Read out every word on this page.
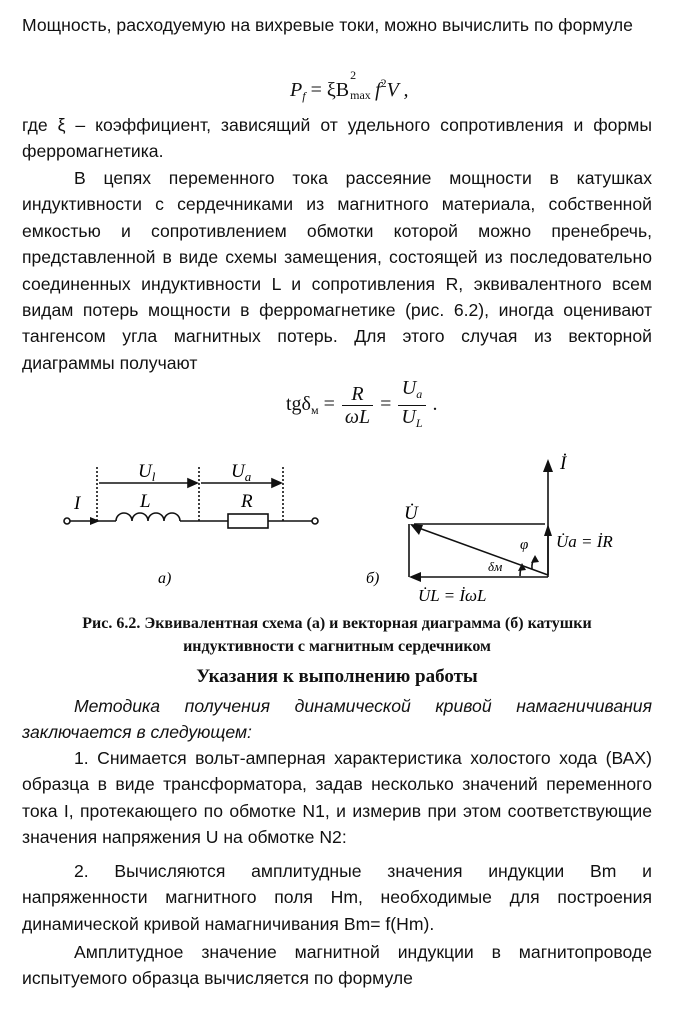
Мощность, расходуемую на вихревые токи, можно вычислить по формуле

$P_f = \xi B$
2
$\max f^2V$ ,

где ξ – коэффициент, зависящий от удельного сопротивления и формы ферромагнетика.

В цепях переменного тока рассеяние мощности в катушках индуктивности с сердечниками из магнитного материала, собственной емкостью и сопротивлением обмотки которой можно пренебречь, представленной в виде схемы замещения, состоящей из последовательно соединенных индуктивности L и сопротивления R, эквивалентного всем видам потерь мощности в ферромагнетике (рис. 6.2), иногда оценивают тангенсом угла магнитных потерь. Для этого случая из векторной диаграммы получают

$tg\delta_м = \frac{R}{\omega L} = \frac{U_a}{U_L}$ .
$U_l$	$U_a$
I	L	R
а)
İ
U̇
U̇a = İR
U̇L = İωL
φ
δм
б)
Рис. 6.2. Эквивалентная схема (а) и векторная диаграмма (б) катушки
индуктивности с магнитным сердечником
Указания к выполнению работы

Методика получения динамической кривой намагничивания заключается в следующем:

1. Снимается вольт-амперная характеристика холостого хода (ВАХ) образца в виде трансформатора, задав несколько значений переменного тока I, протекающего по обмотке N1, и измерив при этом соответствующие значения напряжения U на обмотке N2:

2. Вычисляются амплитудные значения индукции Bm и напряженности магнитного поля Hm, необходимые для построения динамической кривой намагничивания Bm= f(Hm).

Амплитудное значение магнитной индукции в магнитопроводе испытуемого образца вычисляется по формуле
